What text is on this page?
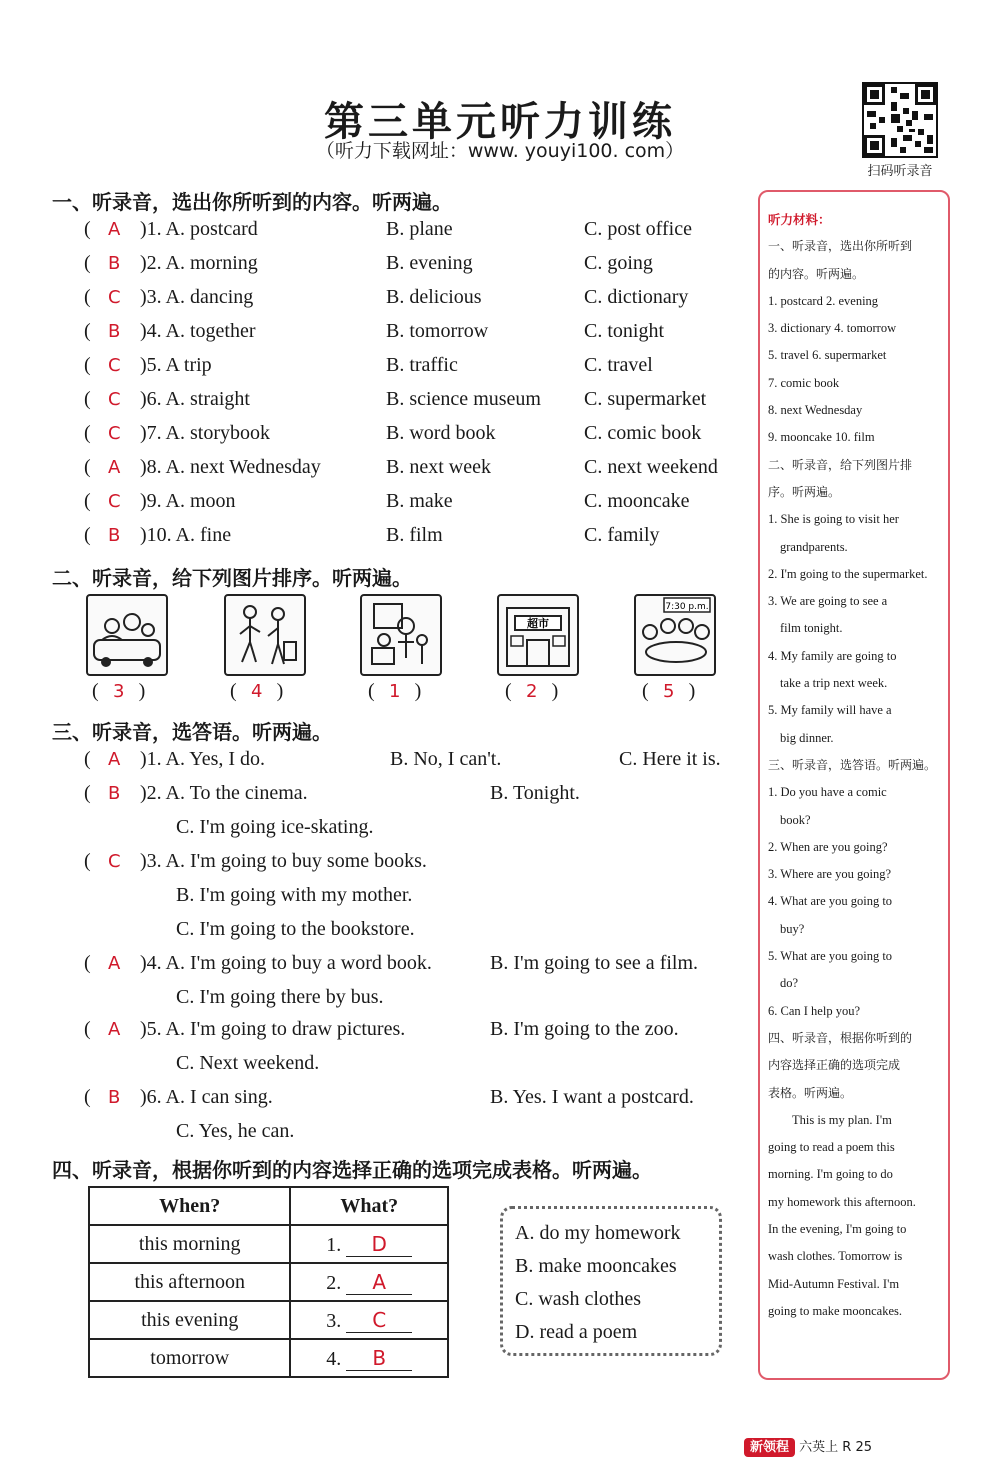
第三单元听力训练
（听力下载网址：www. youyi100. com）
扫码听录音
一、听录音，选出你所听到的内容。听两遍。
( A )1. A. postcard	B. plane	C. post office
( B )2. A. morning	B. evening	C. going
( C )3. A. dancing	B. delicious	C. dictionary
( B )4. A. together	B. tomorrow	C. tonight
( C )5. A trip	B. traffic	C. travel
( C )6. A. straight	B. science museum C. supermarket
( C )7. A. storybook	B. word book	C. comic book
( A )8. A. next Wednesday	B. next week	C. next weekend
( C )9. A. moon	B. make	C. mooncake
( B )10. A. fine	B. film	C. family
二、听录音，给下列图片排序。听两遍。
超市
7:30 p.m.
( 3 )	( 4 )	( 1 )	( 2 )	( 5 )
三、听录音，选答语。听两遍。
( A )1. A. Yes, I do.	B. No, I can't.	C. Here it is.
( B )2. A. To the cinema.	B. Tonight.
C. I'm going ice-skating.
( C )3. A. I'm going to buy some books.
B. I'm going with my mother.
C. I'm going to the bookstore.
( A )4. A. I'm going to buy a word book.	B. I'm going to see a film.
C. I'm going there by bus.
( A )5. A. I'm going to draw pictures.	B. I'm going to the zoo.
C. Next weekend.
( B )6. A. I can sing.	B. Yes. I want a postcard.
C. Yes, he can.
四、听录音，根据你听到的内容选择正确的选项完成表格。听两遍。
When?	What?
this morning	1. D
this afternoon	2. A
this evening	3. C
tomorrow	4. B
A. do my homework
B. make mooncakes
C. wash clothes
D. read a poem
听力材料：
一、听录音，选出你所听到
的内容。听两遍。
1. postcard 2. evening
3. dictionary 4. tomorrow
5. travel 6. supermarket
7. comic book
8. next Wednesday
9. mooncake 10. film
二、听录音，给下列图片排
序。听两遍。
1. She is going to visit her
grandparents.
2. I'm going to the supermarket.
3. We are going to see a
film tonight.
4. My family are going to
take a trip next week.
5. My family will have a
big dinner.
三、听录音，选答语。听两遍。
1. Do you have a comic
book?
2. When are you going?
3. Where are you going?
4. What are you going to
buy?
5. What are you going to
do?
6. Can I help you?
四、听录音，根据你听到的
内容选择正确的选项完成
表格。听两遍。
This is my plan. I'm
going to read a poem this
morning. I'm going to do
my homework this afternoon.
In the evening, I'm going to
wash clothes. Tomorrow is
Mid-Autumn Festival. I'm
going to make mooncakes.
新领程 六英上 R 25
